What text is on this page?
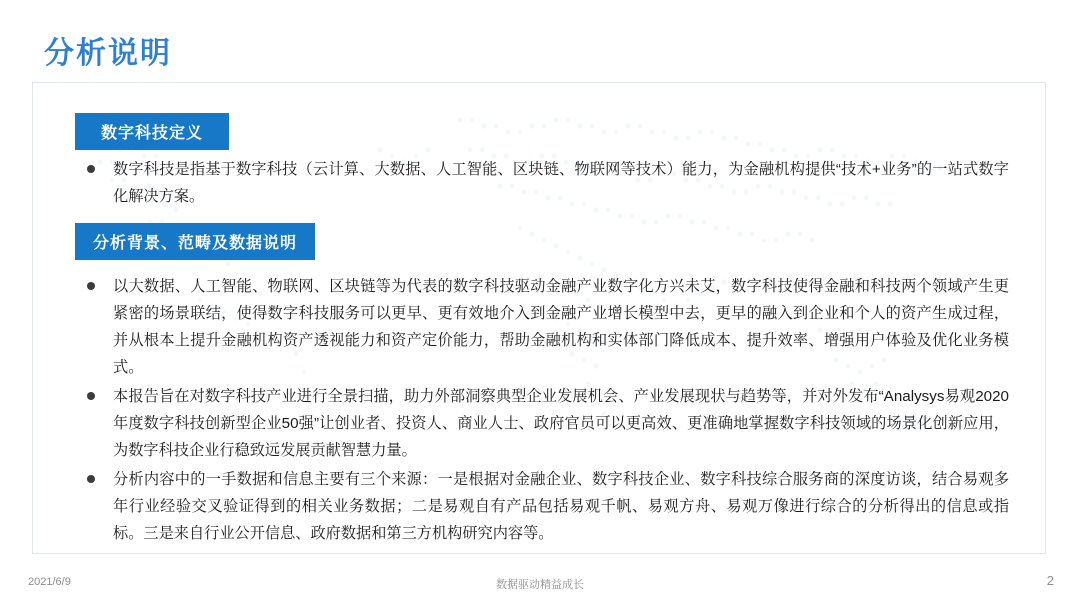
分析说明
数字科技定义
数字科技是指基于数字科技（云计算、大数据、人工智能、区块链、物联网等技术）能力，为金融机构提供“技术+业务”的一站式数字化解决方案。
分析背景、范畴及数据说明
以大数据、人工智能、物联网、区块链等为代表的数字科技驱动金融产业数字化方兴未艾，数字科技使得金融和科技两个领域产生更紧密的场景联结，使得数字科技服务可以更早、更有效地介入到金融产业增长模型中去，更早的融入到企业和个人的资产生成过程，并从根本上提升金融机构资产透视能力和资产定价能力，帮助金融机构和实体部门降低成本、提升效率、增强用户体验及优化业务模式。
本报告旨在对数字科技产业进行全景扫描，助力外部洞察典型企业发展机会、产业发展现状与趋势等，并对外发布“Analysys易观2020年度数字科技创新型企业50强”让创业者、投资人、商业人士、政府官员可以更高效、更准确地掌握数字科技领域的场景化创新应用，为数字科技企业行稳致远发展贡献智慧力量。
分析内容中的一手数据和信息主要有三个来源：一是根据对金融企业、数字科技企业、数字科技综合服务商的深度访谈，结合易观多年行业经验交叉验证得到的相关业务数据；二是易观自有产品包括易观千帆、易观方舟、易观万像进行综合的分析得出的信息或指标。三是来自行业公开信息、政府数据和第三方机构研究内容等。
2021/6/9	数据驱动精益成长	2
